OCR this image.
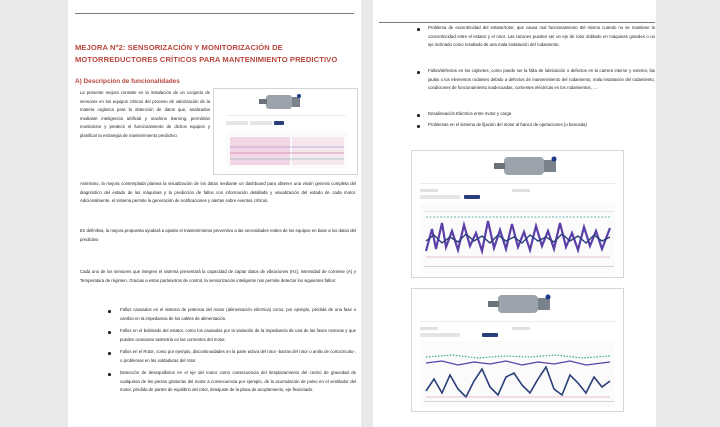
MEJORA Nº2: SENSORIZACIÓN Y MONITORIZACIÓN DE MOTORREDUCTORES CRÍTICOS PARA MANTENIMIENTO PREDICTIVO
A) Descripción de funcionalidades
La presente mejora consiste en la instalación de un conjunto de sensores en los equipos críticos del proceso de valorización de la materia orgánica para la obtención de datos que, analizados mediante inteligencia artificial y machine learning, permitirán monitorizar y predecir el funcionamiento de dichos equipos y planificar la estrategia de mantenimiento predictivo.
Asimismo, la mejora contemplada plantea la visualización de los datos mediante un dashboard para obtener una visión general completa del diagnóstico del estado de las máquinas y la predicción de fallos con información detallada y visualización del estado de cada motor. Adicionalmente, el sistema permite la generación de notificaciones y alertas sobre eventos críticos.
En definitiva, la mejora propuesta ayudará a ajustar el mantenimiento preventivo a las necesidades reales de los equipos en base a los datos del predictivo
Cada uno de los sensores que integren el sistema presentará la capacidad de captar datos de vibraciones (Hz), intensidad de corriente (A) y Temperatura de régimen. Gracias a estos parámetros de control, la sensorización inteligente nos permite detectar los siguientes fallos:
Fallos causados en el sistema de potencia del motor (alimentación eléctrica) como, por ejemplo, pérdida de una fase o cambio en la impedancia de los cables de alimentación.
Fallos en el bobinado del estator, como los causados por la variación de la impedancia de una de las fases motoras y que pueden ocasionar asimetría en las corrientes del motor.
Fallos en el Rotor, como por ejemplo, discontinuidades en la parte activa del rotor -barras del rotor o anillo de cortocircuito-, o problemas en las soldaduras del rotor.
Detección de desequilibrios en el eje del motor como consecuencia del desplazamiento del centro de gravedad de cualquiera de las piezas giratorias del motor a consecuencia por ejemplo, de la acumulación de polvo en el ventilador del motor, pérdida de partes de equilibrio del rotor, desajuste de la placa de acoplamiento, eje flexionado.
Problema de excentricidad del estator/rotor, que causa mal funcionamiento del mismo cuando no se mantiene la concentricidad entre el estator y el rotor. Las razones pueden ser un eje de rotor doblado en máquinas grandes o un eje inclinado como resultado de una mala instalación del rodamiento.
Fallos/defectos en los cojinetes, como puede ser la falta de lubricación o defectos en la carrera interior y exterior, las jaulas o los elementos rodantes debido a defectos de mantenimiento del rodamiento, mala instalación del rodamiento, condiciones de funcionamiento inadecuadas, corrientes eléctricas en los rodamientos, …
Desalineación Eléctrica entre motor y carga
Problemas en el sistema de fijación del motor al banco de operaciones (o bancada)
